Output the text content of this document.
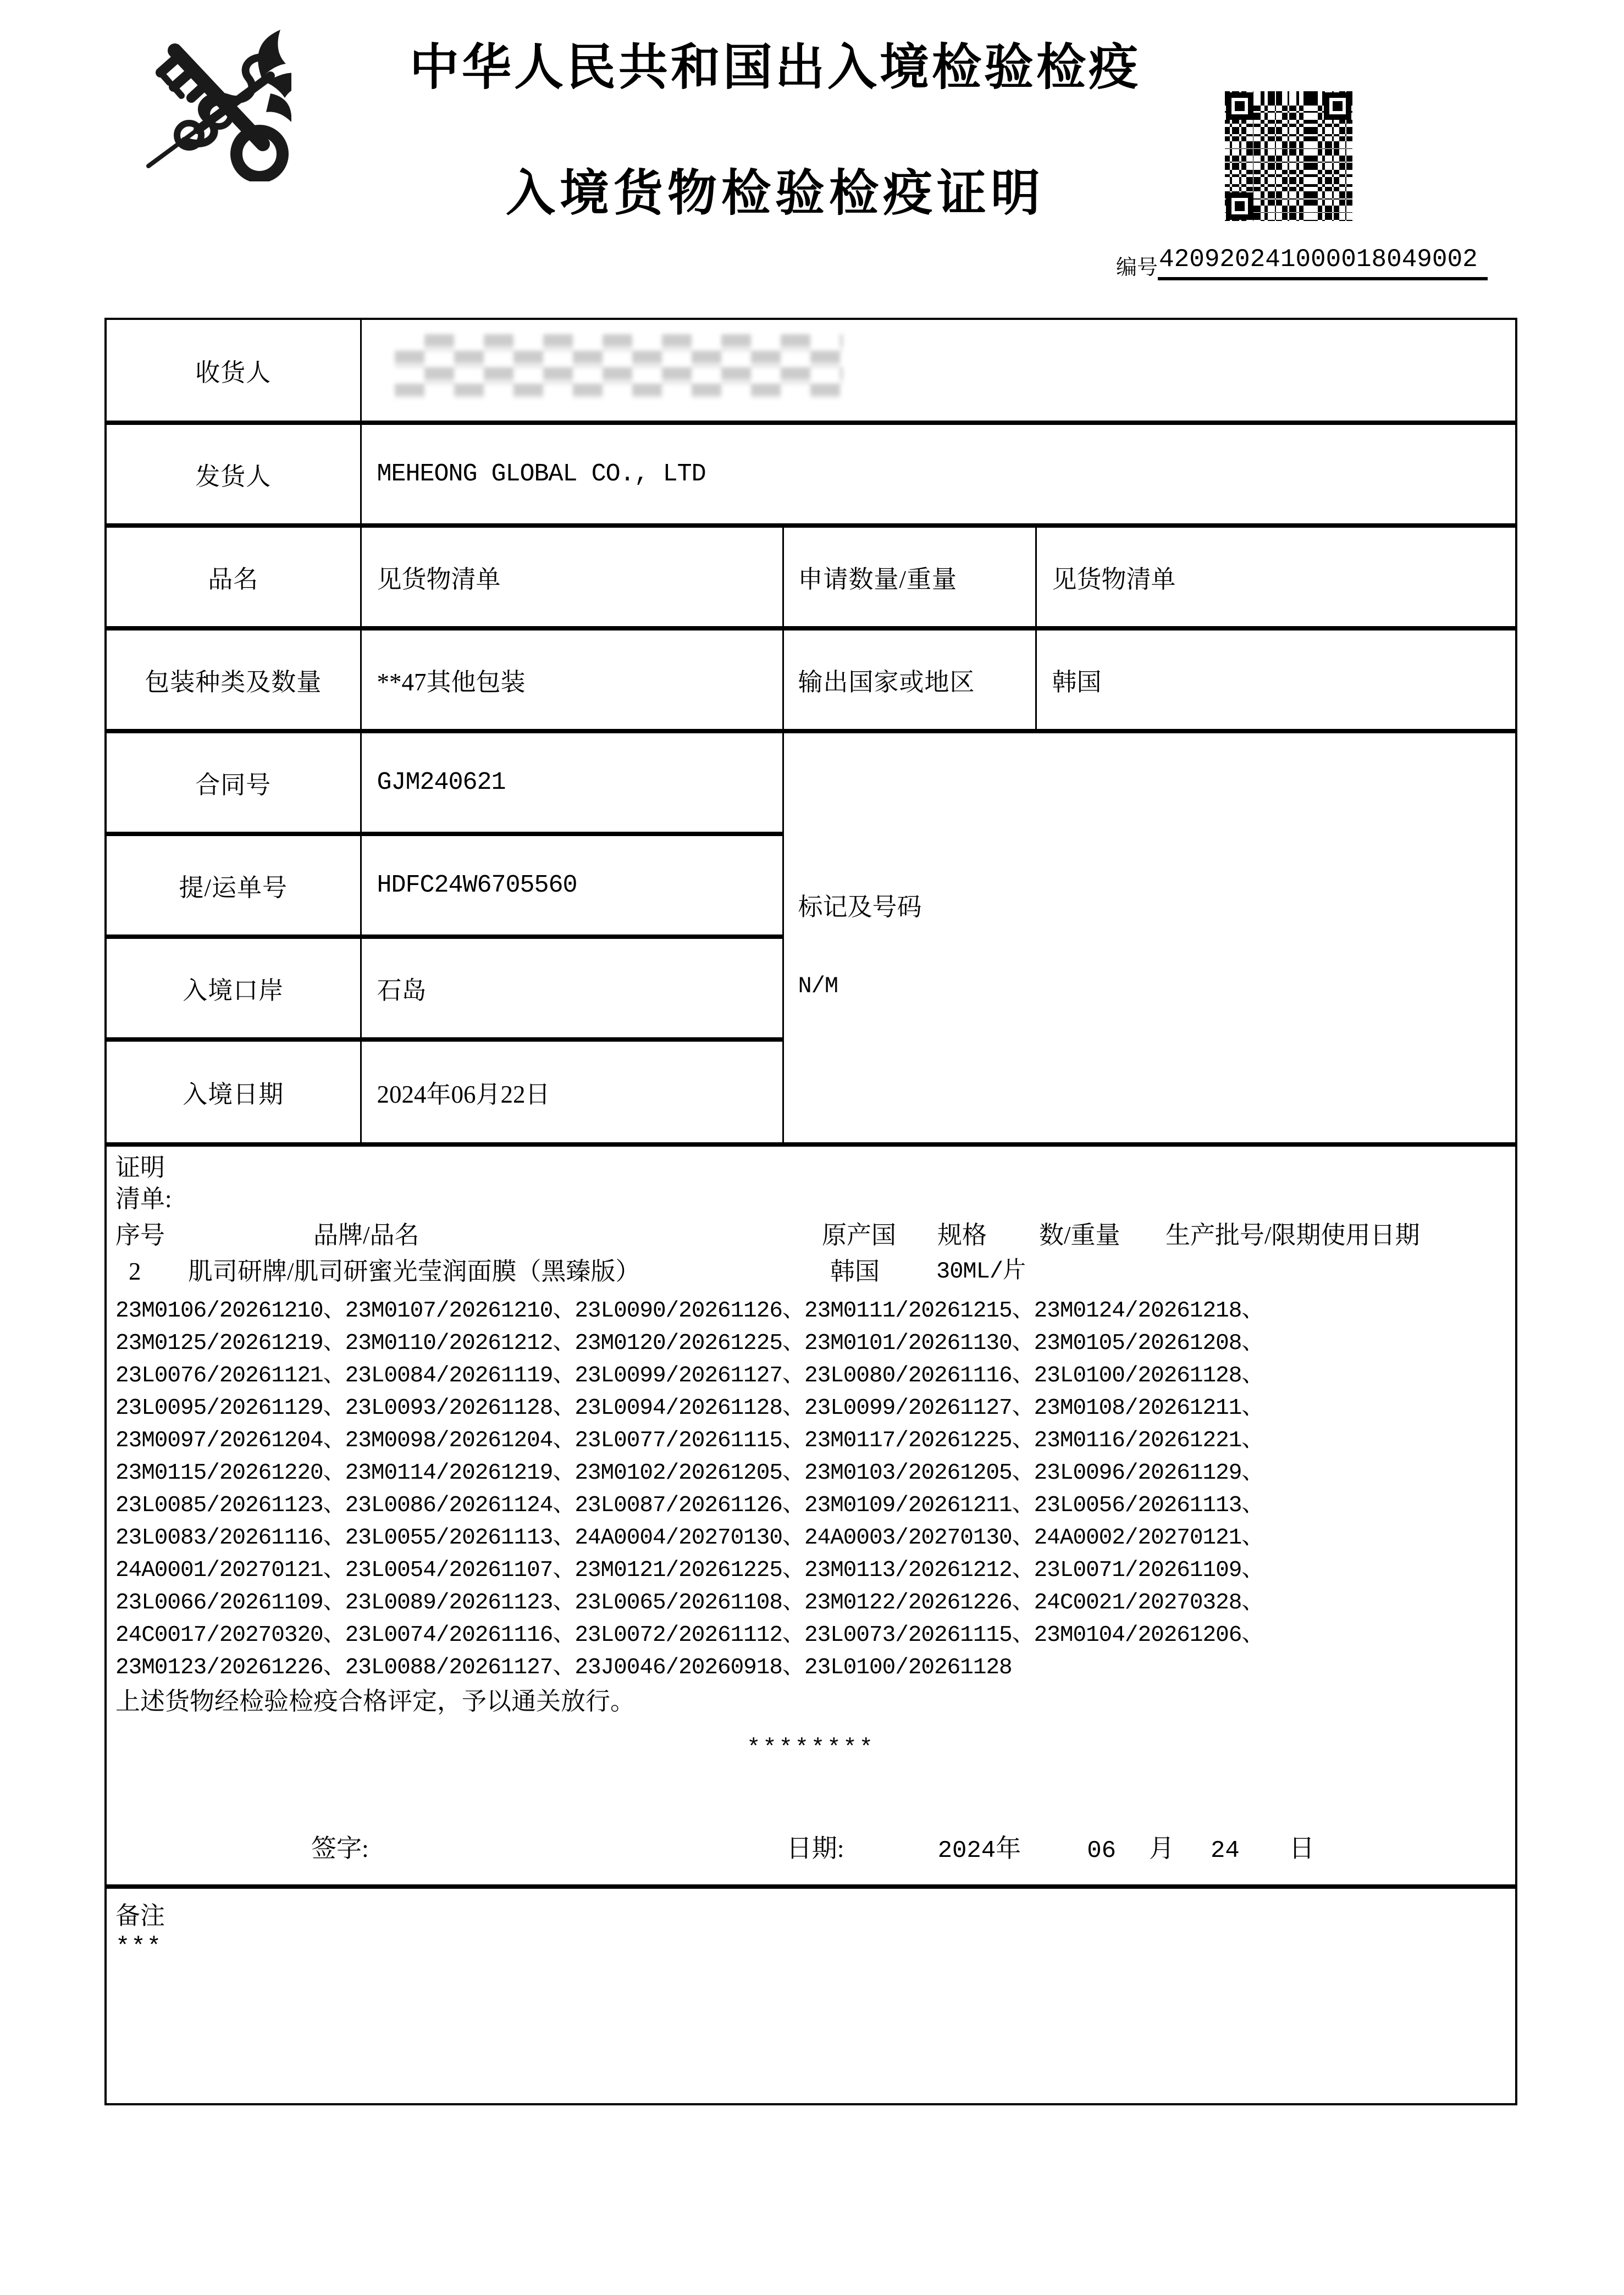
中华人民共和国出入境检验检疫
入境货物检验检疫证明
编号 420920241000018049002
收货人			

发货人	MEHEONG GLOBAL CO., LTD		
品名	见货物清单	申请数量/重量	见货物清单
包装种类及数量	**47其他包装	输出国家或地区	韩国
合同号	GJM240621	标记及号码
N/M	

提/运单号	HDFC24W6705560		
入境口岸	石岛		
入境日期	2024年06月22日		
证明
清单:
序号	品牌/品名	原产国	规格	数/重量	生产批号/限期使用日期
2	肌司研牌/肌司研蜜光莹润面膜（黑臻版）	韩国	30ML/片
23M0106/20261210、23M0107/20261210、23L0090/20261126、23M0111/20261215、23M0124/20261218、
23M0125/20261219、23M0110/20261212、23M0120/20261225、23M0101/20261130、23M0105/20261208、
23L0076/20261121、23L0084/20261119、23L0099/20261127、23L0080/20261116、23L0100/20261128、
23L0095/20261129、23L0093/20261128、23L0094/20261128、23L0099/20261127、23M0108/20261211、
23M0097/20261204、23M0098/20261204、23L0077/20261115、23M0117/20261225、23M0116/20261221、
23M0115/20261220、23M0114/20261219、23M0102/20261205、23M0103/20261205、23L0096/20261129、
23L0085/20261123、23L0086/20261124、23L0087/20261126、23M0109/20261211、23L0056/20261113、
23L0083/20261116、23L0055/20261113、24A0004/20270130、24A0003/20270130、24A0002/20270121、
24A0001/20270121、23L0054/20261107、23M0121/20261225、23M0113/20261212、23L0071/20261109、
23L0066/20261109、23L0089/20261123、23L0065/20261108、23M0122/20261226、24C0021/20270328、
24C0017/20270320、23L0074/20261116、23L0072/20261112、23L0073/20261115、23M0104/20261206、
23M0123/20261226、23L0088/20261127、23J0046/20260918、23L0100/20261128
上述货物经检验检疫合格评定，予以通关放行。
********
签字:	日期:	2024 年	06 月 24 日
备注
***
